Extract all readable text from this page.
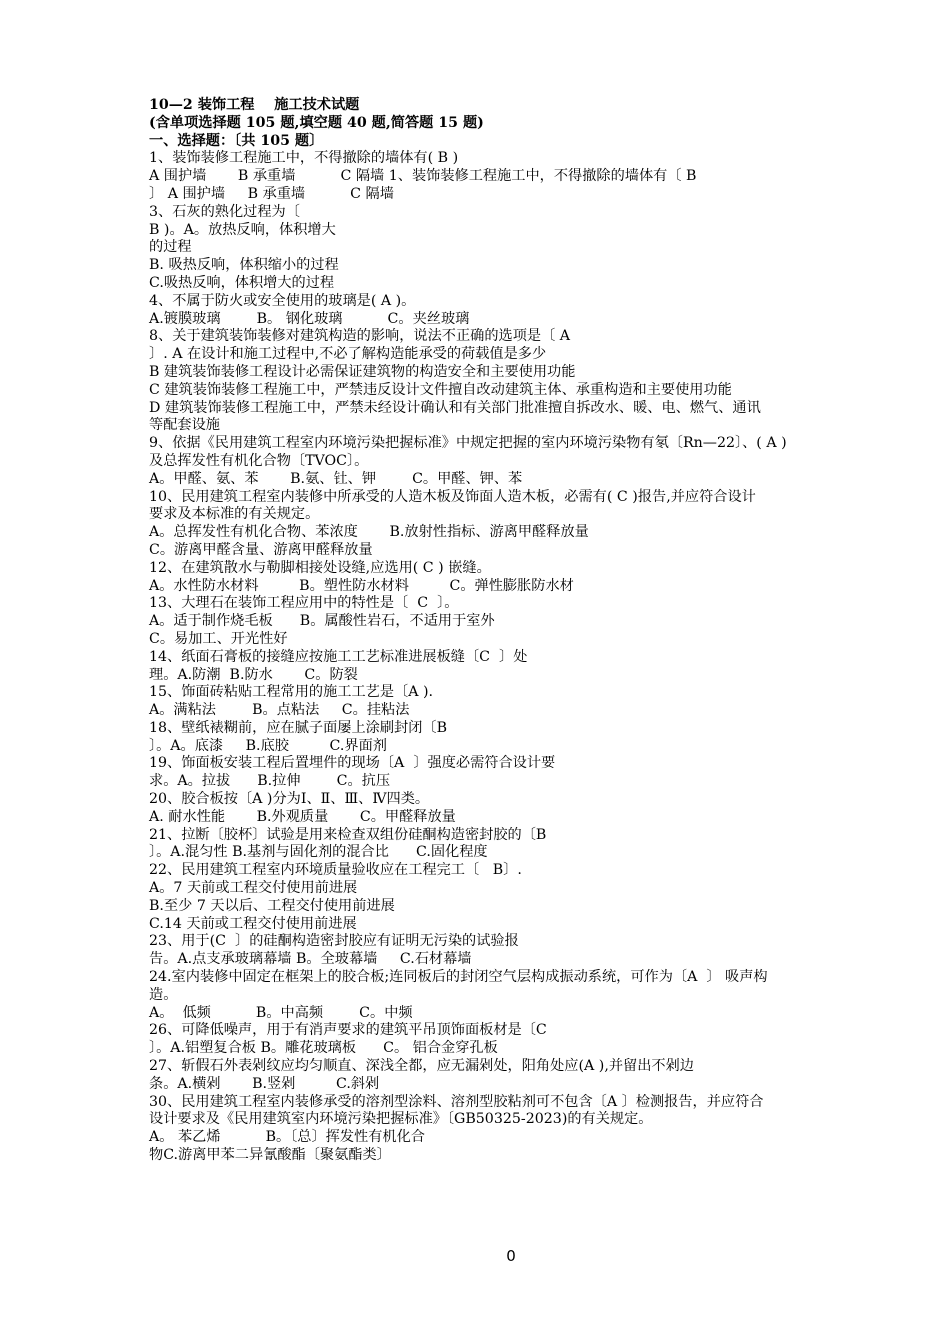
10—2 装饰工程    施工技术试题
(含单项选择题 105 题,填空题 40 题,简答题 15 题)
一、选择题：〔共 105 题〕
1、装饰装修工程施工中，不得撤除的墙体有( B )
A 围护墙       B 承重墙          C 隔墙 1、装饰装修工程施工中，不得撤除的墙体有〔 B
〕 A 围护墙     B 承重墙          C 隔墙
3、石灰的熟化过程为〔
B )。A。放热反响，体积增大
的过程
B. 吸热反响，体积缩小的过程
C.吸热反响，体积增大的过程
4、不属于防火或安全使用的玻璃是( A )。
A.镀膜玻璃        B。 钢化玻璃          C。夹丝玻璃
8、关于建筑装饰装修对建筑构造的影响，说法不正确的选项是〔 A
〕. A 在设计和施工过程中,不必了解构造能承受的荷载值是多少
B 建筑装饰装修工程设计必需保证建筑物的构造安全和主要使用功能
C 建筑装饰装修工程施工中，严禁违反设计文件擅自改动建筑主体、承重构造和主要使用功能
D 建筑装饰装修工程施工中，严禁未经设计确认和有关部门批准擅自拆改水、暖、电、燃气、通讯
等配套设施
9、依据《民用建筑工程室内环境污染把握标准》中规定把握的室内环境污染物有氡〔Rn—22〕、( A )
及总挥发性有机化合物〔TVOC〕。
A。甲醛、氨、苯       B.氨、钍、钾        C。甲醛、钾、苯
10、民用建筑工程室内装修中所承受的人造木板及饰面人造木板，必需有( C )报告,并应符合设计
要求及本标准的有关规定。
A。总挥发性有机化合物、苯浓度       B.放射性指标、游离甲醛释放量
C。游离甲醛含量、游离甲醛释放量
12、在建筑散水与勒脚相接处设缝,应选用( C ) 嵌缝。
A。水性防水材料         B。塑性防水材料         C。弹性膨胀防水材
13、大理石在装饰工程应用中的特性是〔  C  〕。
A。适于制作烧毛板      B。属酸性岩石，不适用于室外
C。易加工、开光性好
14、纸面石膏板的接缝应按施工工艺标准进展板缝〔C  〕处
理。A.防潮  B.防水       C。防裂
15、饰面砖粘贴工程常用的施工工艺是〔A ).
A。满粘法        B。点粘法     C。挂粘法
18、壁纸裱糊前，应在腻子面屡上涂刷封闭〔B
〕。A。底漆     B.底胶         C.界面剂
19、饰面板安装工程后置埋件的现场〔A  〕强度必需符合设计要
求。A。拉拔      B.拉伸        C。抗压
20、胶合板按〔A )分为Ⅰ、Ⅱ、Ⅲ、Ⅳ四类。
A. 耐水性能       B.外观质量       C。甲醛释放量
21、拉断〔胶杯〕试验是用来检查双组份硅酮构造密封胶的〔B
〕。A.混匀性 B.基剂与固化剂的混合比      C.固化程度
22、民用建筑工程室内环境质量验收应在工程完工〔   B〕.
A。7 天前或工程交付使用前进展
B.至少 7 天以后、工程交付使用前进展
C.14 天前或工程交付使用前进展
23、用于(C  〕的硅酮构造密封胶应有证明无污染的试验报
告。A.点支承玻璃幕墙 B。全玻幕墙     C.石材幕墙
24.室内装修中固定在框架上的胶合板;连同板后的封闭空气层构成振动系统，可作为〔A  〕 吸声构
造。
A。  低频          B。中高频        C。中频
26、可降低噪声，用于有消声要求的建筑平吊顶饰面板材是〔C
〕。A.铝塑复合板 B。雕花玻璃板      C。 铝合金穿孔板
27、斩假石外表剁纹应均匀顺直、深浅全都，应无漏剁处，阳角处应(A ),并留出不剁边
条。A.横剁       B.竖剁         C.斜剁
30、民用建筑工程室内装修承受的溶剂型涂料、溶剂型胶粘剂可不包含〔A 〕检测报告，并应符合
设计要求及《民用建筑室内环境污染把握标准》〔GB50325-2023)的有关规定。
A。 苯乙烯          B。〔总〕挥发性有机化合
物C.游离甲苯二异氰酸酯〔聚氨酯类〕
0
